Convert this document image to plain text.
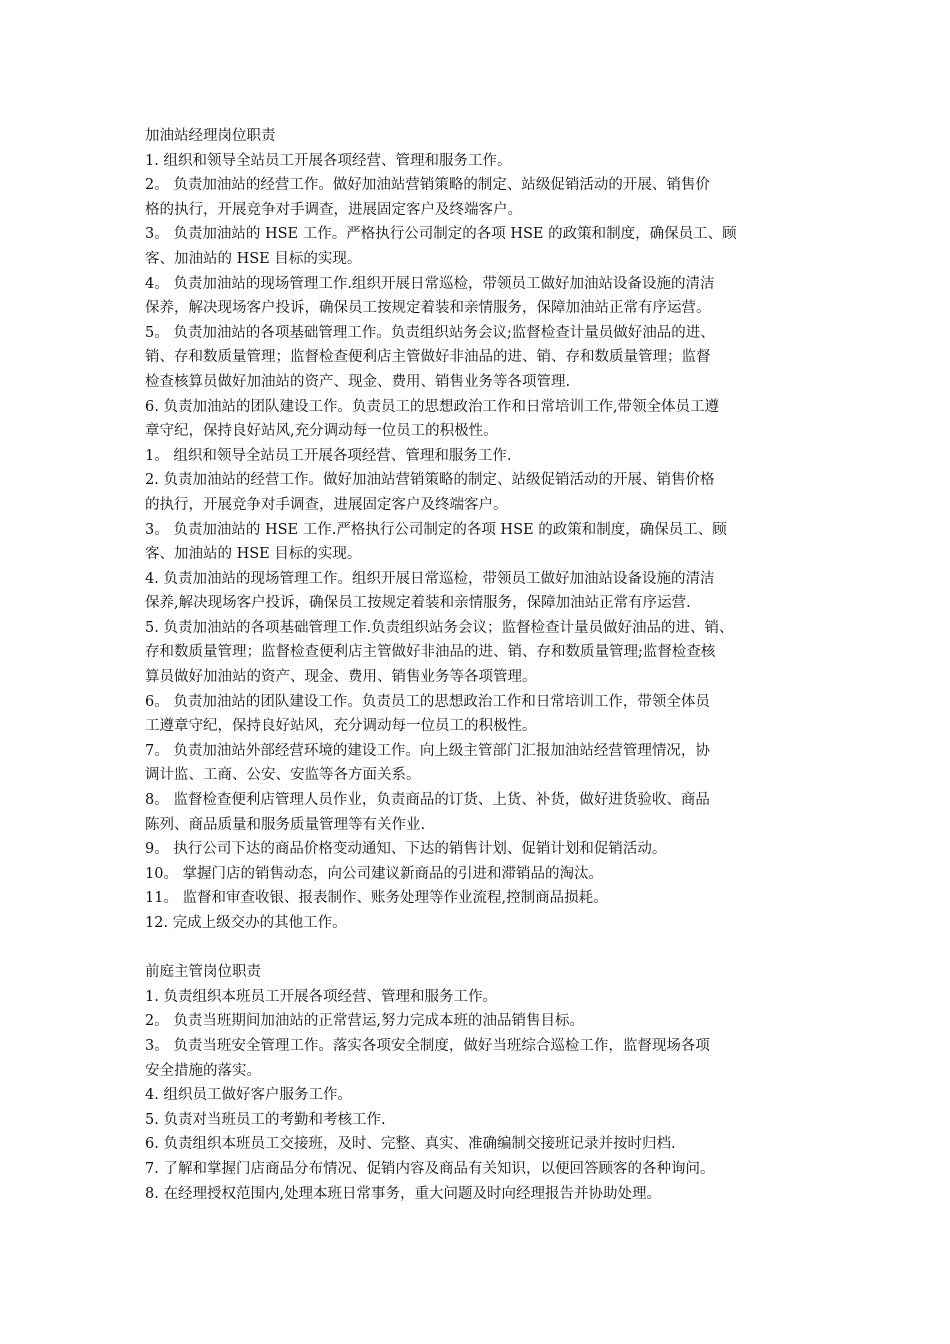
加油站经理岗位职责
1. 组织和领导全站员工开展各项经营、管理和服务工作。
2。 负责加油站的经营工作。做好加油站营销策略的制定、站级促销活动的开展、销售价
格的执行，开展竞争对手调查，进展固定客户及终端客户。
3。 负责加油站的 HSE 工作。严格执行公司制定的各项 HSE 的政策和制度，确保员工、顾
客、加油站的 HSE 目标的实现。
4。 负责加油站的现场管理工作.组织开展日常巡检，带领员工做好加油站设备设施的清洁
保养，解决现场客户投诉，确保员工按规定着装和亲情服务，保障加油站正常有序运营。
5。 负责加油站的各项基础管理工作。负责组织站务会议;监督检查计量员做好油品的进、
销、存和数质量管理；监督检查便利店主管做好非油品的进、销、存和数质量管理；监督
检查核算员做好加油站的资产、现金、费用、销售业务等各项管理.
6. 负责加油站的团队建设工作。负责员工的思想政治工作和日常培训工作,带领全体员工遵
章守纪，保持良好站风,充分调动每一位员工的积极性。
1。 组织和领导全站员工开展各项经营、管理和服务工作.
2. 负责加油站的经营工作。做好加油站营销策略的制定、站级促销活动的开展、销售价格
的执行，开展竞争对手调查，进展固定客户及终端客户。
3。 负责加油站的 HSE 工作.严格执行公司制定的各项 HSE 的政策和制度，确保员工、顾
客、加油站的 HSE 目标的实现。
4. 负责加油站的现场管理工作。组织开展日常巡检，带领员工做好加油站设备设施的清洁
保养,解决现场客户投诉，确保员工按规定着装和亲情服务，保障加油站正常有序运营.
5. 负责加油站的各项基础管理工作.负责组织站务会议；监督检查计量员做好油品的进、销、
存和数质量管理；监督检查便利店主管做好非油品的进、销、存和数质量管理;监督检查核
算员做好加油站的资产、现金、费用、销售业务等各项管理。
6。 负责加油站的团队建设工作。负责员工的思想政治工作和日常培训工作，带领全体员
工遵章守纪，保持良好站风，充分调动每一位员工的积极性。
7。 负责加油站外部经营环境的建设工作。向上级主管部门汇报加油站经营管理情况，协
调计监、工商、公安、安监等各方面关系。
8。 监督检查便利店管理人员作业，负责商品的订货、上货、补货，做好进货验收、商品
陈列、商品质量和服务质量管理等有关作业.
9。 执行公司下达的商品价格变动通知、下达的销售计划、促销计划和促销活动。
10。 掌握门店的销售动态，向公司建议新商品的引进和滞销品的淘汰。
11。 监督和审查收银、报表制作、账务处理等作业流程,控制商品损耗。
12. 完成上级交办的其他工作。
前庭主管岗位职责
1. 负责组织本班员工开展各项经营、管理和服务工作。
2。 负责当班期间加油站的正常营运,努力完成本班的油品销售目标。
3。 负责当班安全管理工作。落实各项安全制度，做好当班综合巡检工作，监督现场各项
安全措施的落实。
4. 组织员工做好客户服务工作。
5. 负责对当班员工的考勤和考核工作.
6. 负责组织本班员工交接班，及时、完整、真实、准确编制交接班记录并按时归档.
7. 了解和掌握门店商品分布情况、促销内容及商品有关知识，以便回答顾客的各种询问。
8. 在经理授权范围内,处理本班日常事务，重大问题及时向经理报告并协助处理。
